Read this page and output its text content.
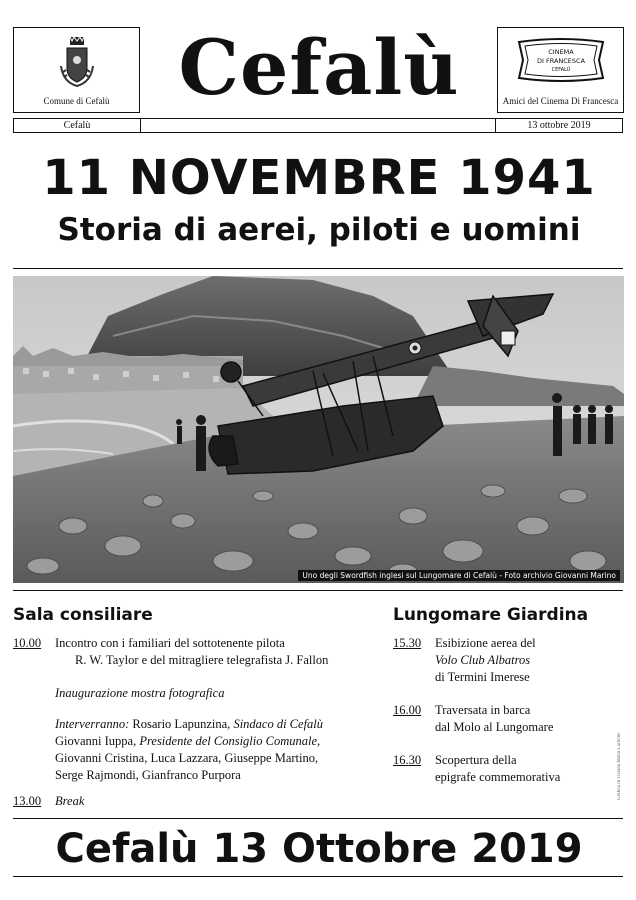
Comune di Cefalù Cefalù	CINEMA
DI FRANCESCA
CEFALÙ
Amici del Cinema Di Francesca
Cefalù	13 ottobre 2019
11 NOVEMBRE 1941
Storia di aerei, piloti e uomini
Uno degli Swordfish inglesi sul Lungomare di Cefalù - Foto archivio Giovanni Marino
Sala consiliare
10.00 Incontro con i familiari del sottotenente pilota
R. W. Taylor e del mitragliere telegrafista J. Fallon
Inaugurazione mostra fotografica
Interverranno: Rosario Lapunzina, Sindaco di Cefalù
Giovanni Iuppa, Presidente del Consiglio Comunale,
Giovanni Cristina, Luca Lazzara, Giuseppe Martino,
Serge Rajmondi, Gianfranco Purpora
13.00 Break
Lungomare Giardina
15.30 Esibizione aerea del
Volo Club Albatros
di Termini Imerese
16.00 Traversata in barca
dal Molo al Lungomare
16.30 Scopertura della
epigrafe commemorativa	Grafica di Tiziana Maria Carbone
Cefalù 13 Ottobre 2019
